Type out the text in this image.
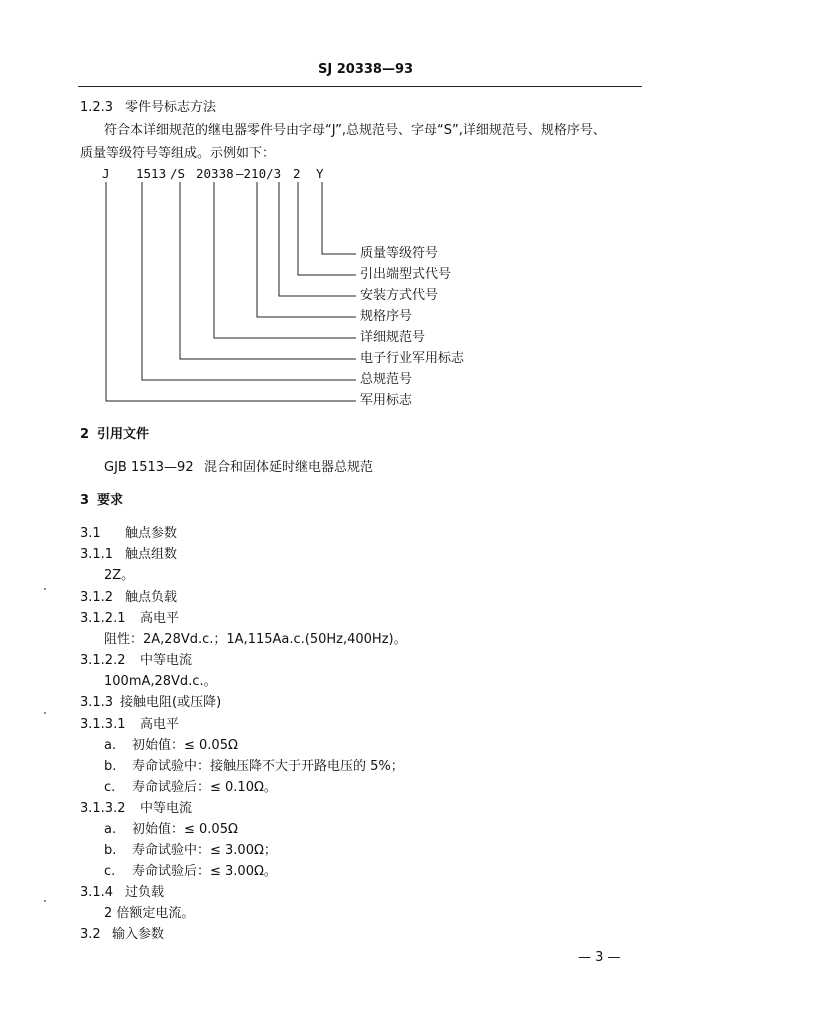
SJ 20338—93
1.2.3 零件号标志方法
符合本详细规范的继电器零件号由字母“J”,总规范号、字母“S”,详细规范号、规格序号、
质量等级符号等组成。示例如下：
J 1513 /S 20338 —210/3 2 Y
质量等级符号
引出端型式代号
安装方式代号
规格序号
详细规范号
电子行业军用标志
总规范号
军用标志
2 引用文件
GJB 1513—92 混合和固体延时继电器总规范
3 要求
3.1 触点参数
3.1.1 触点组数
2Z。
3.1.2 触点负载
3.1.2.1 高电平
阻性：2A,28Vd.c.；1A,115Aa.c.(50Hz,400Hz)。
3.1.2.2 中等电流
100mA,28Vd.c.。
3.1.3 接触电阻(或压降)
3.1.3.1 高电平
a. 初始值：≤ 0.05Ω
b. 寿命试验中：接触压降不大于开路电压的 5%；
c. 寿命试验后：≤ 0.10Ω。
3.1.3.2 中等电流
a. 初始值：≤ 0.05Ω
b. 寿命试验中：≤ 3.00Ω；
c. 寿命试验后：≤ 3.00Ω。
3.1.4 过负载
2 倍额定电流。
3.2 输入参数
— 3 —
